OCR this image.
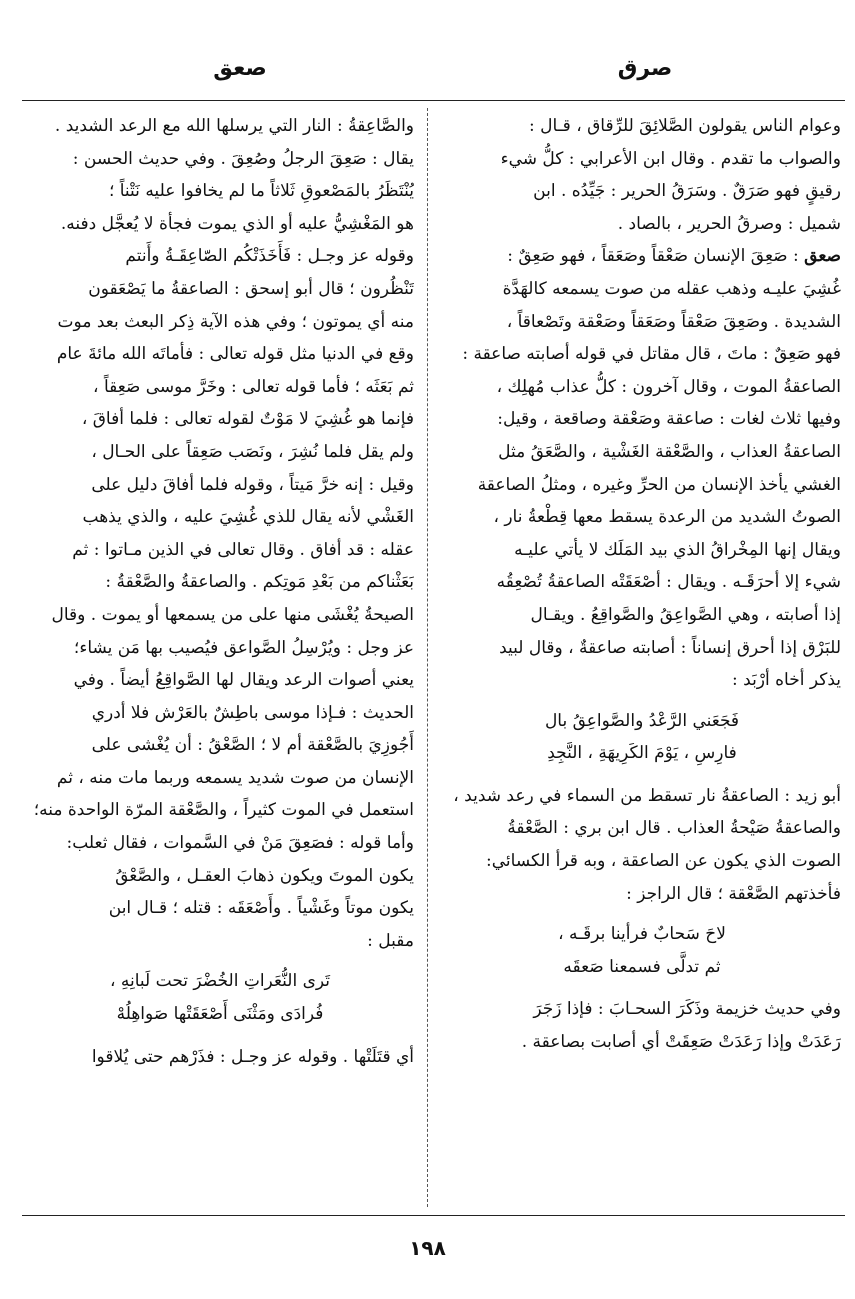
صرق
صعق
وعوام الناس يقولون الصَّلائِقَ للرِّقاق ، قـال :
والصواب ما تقدم . وقال ابن الأعرابي : كلُّ شيء
رقيقٍ فهو صَرَقٌ . وسَرَقُ الحرير : جَيِّدُه . ابن
شميل : وصرقُ الحرير ، بالصاد .
صعق : صَعِقَ الإنسان صَعْقاً وصَعَقاً ، فهو صَعِقٌ :
غُشِيَ عليـه وذهب عقله من صوت يسمعه كالهَدَّة
الشديدة . وصَعِقَ صَعْقاً وصَعَقاً وصَعْقة وتَصْعاقاً ،
فهو صَعِقٌ : ماتَ ، قال مقاتل في قوله أصابته صاعقة :
الصاعقةُ الموت ، وقال آخرون : كلُّ عذاب مُهلِك ،
وفيها ثلاث لغات : صاعقة وصَعْقة وصاقعة ، وقيل:
الصاعقةُ العذاب ، والصَّعْقة الغَشْية ، والصَّعَقُ مثل
الغشي يأخذ الإنسان من الحرِّ وغيره ، ومثلُ الصاعقة
الصوتُ الشديد من الرعدة يسقط معها قِطْعةُ نار ،
ويقال إنها المِخْراقُ الذي بيد المَلَك لا يأتي عليـه
شيء إلا أحرَقَـه . ويقال : أصْعَقَتْه الصاعقةُ تُصْعِقُه
إذا أصابته ، وهي الصَّواعِقُ والصَّواقِعُ . ويقـال
للبَرْق إذا أحرق إنساناً : أصابته صاعقةٌ ، وقال لبيد
يذكر أخاه أرْبَد :
فَجَعَني الرَّعْدُ والصَّواعِقُ بال
فارِسِ ، يَوْمَ الكَرِيهَةِ ، النَّجِدِ
أبو زيد : الصاعقةُ نار تسقط من السماء في رعد شديد ،
والصاعقةُ صَيْحةُ العذاب . قال ابن بري : الصَّعْقةُ
الصوت الذي يكون عن الصاعقة ، وبه قرأ الكسائي:
فأخذتهم الصَّعْقة ؛ قال الراجز :
لاحَ سَحابٌ فرأينا برقَـه ،
ثم تدلَّى فسمعنا صَعقَه
وفي حديث خزيمة وذَكَرَ السحـابَ : فإذا زَجَرَ
رَعَدَتْ وإذا رَعَدَتْ صَعِقَتْ أي أصابت بصاعقة .
والصَّاعِقةُ : النار التي يرسلها الله مع الرعد الشديد .
يقال : صَعِقَ الرجلُ وصُعِقَ . وفي حديث الحسن :
يُنْتَظَرُ بالمَصْعوقِ ثَلاثاً ما لم يخافوا عليه نَتْناً ؛
هو المَغْشِيُّ عليه أو الذي يموت فجأة لا يُعجَّل دفنه.
وقوله عز وجـل : فَأَخَذَتْكُم الصّاعِقَـةُ وأَنتم
تَنْظُرون ؛ قال أبو إسحق : الصاعقةُ ما يَصْعَقون
منه أي يموتون ؛ وفي هذه الآية ذِكر البعث بعد موت
وقع في الدنيا مثل قوله تعالى : فأماتَه الله مائةَ عام
ثم بَعَثَه ؛ فأما قوله تعالى : وخَرَّ موسى صَعِقاً ،
فإنما هو غُشِيَ لا مَوْتٌ لقوله تعالى : فلما أفاقَ ،
ولم يقل فلما نُشِرَ ، ونَصَب صَعِقاً على الحـال ،
وقيل : إنه خرَّ مَيتاً ، وقوله فلما أفاقَ دليل على
الغَشْي لأنه يقال للذي غُشِيَ عليه ، والذي يذهب
عقله : قد أفاق . وقال تعالى في الذين مـاتوا : ثم
بَعَثْناكم من بَعْدِ مَوتِكم . والصاعقةُ والصَّعْقةُ :
الصيحةُ يُغْشَى منها على من يسمعها أو يموت . وقال
عز وجل : ويُرْسِلُ الصَّواعق فيُصيب بها مَن يشاء؛
يعني أصوات الرعد ويقال لها الصَّواقِعُ أيضاً . وفي
الحديث : فـإذا موسى باطِشٌ بالعَرْش فلا أدري
أَجُوزِيَ بالصَّعْقة أم لا ؛ الصَّعْقُ : أن يُغْشى على
الإنسان من صوت شديد يسمعه وربما مات منه ، ثم
استعمل في الموت كثيراً ، والصَّعْقة المرّة الواحدة منه؛
وأما قوله : فصَعِقَ مَنْ في السَّموات ، فقال ثعلب:
يكون الموتَ ويكون ذهابَ العقـل ، والصَّعْقُ
يكون موتاً وغَشْياً . وأَصْعَقَه : قتله ؛ قـال ابن
مقبل :
تَرى النُّعَراتِ الخُضْرَ تحت لَبانِهِ ،
فُرادَى ومَثْنَى أَصْعَقَتْها صَواهِلُهْ
أي قتَلَتْها . وقوله عز وجـل : فذَرْهم حتى يُلاقوا
١٩٨
